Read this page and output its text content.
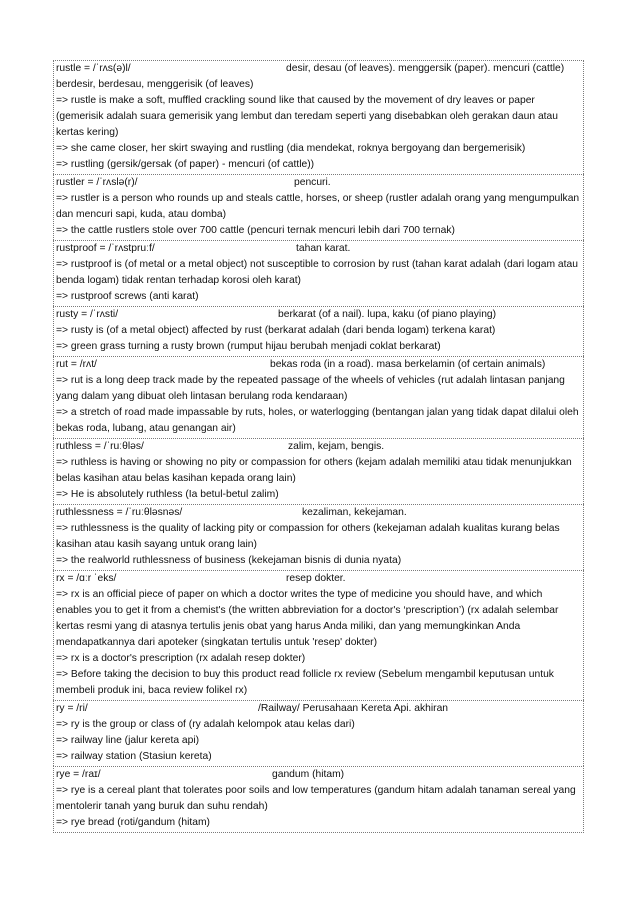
rustle = /ˈrʌs(ə)l/	desir, desau (of leaves). menggersik (paper). mencuri (cattle)
berdesir, berdesau, menggerisik (of leaves)
=> rustle is make a soft, muffled crackling sound like that caused by the movement of dry leaves or paper (gemerisik adalah suara gemerisik yang lembut dan teredam seperti yang disebabkan oleh gerakan daun atau kertas kering)
=> she came closer, her skirt swaying and rustling (dia mendekat, roknya bergoyang dan bergemerisik)
=> rustling (gersik/gersak (of paper) - mencuri (of cattle))
rustler = /ˈrʌslə(r)/	pencuri.
=> rustler is a person who rounds up and steals cattle, horses, or sheep (rustler adalah orang yang mengumpulkan dan mencuri sapi, kuda, atau domba)
=> the cattle rustlers stole over 700 cattle (pencuri ternak mencuri lebih dari 700 ternak)
rustproof = /ˈrʌstpruːf/	tahan karat.
=> rustproof is (of metal or a metal object) not susceptible to corrosion by rust (tahan karat adalah (dari logam atau benda logam) tidak rentan terhadap korosi oleh karat)
=> rustproof screws (anti karat)
rusty = /ˈrʌsti/	berkarat (of a nail). lupa, kaku (of piano playing)
=> rusty is (of a metal object) affected by rust (berkarat adalah (dari benda logam) terkena karat)
=> green grass turning a rusty brown (rumput hijau berubah menjadi coklat berkarat)
rut = /rʌt/	bekas roda (in a road). masa berkelamin (of certain animals)
=> rut is a long deep track made by the repeated passage of the wheels of vehicles (rut adalah lintasan panjang yang dalam yang dibuat oleh lintasan berulang roda kendaraan)
=> a stretch of road made impassable by ruts, holes, or waterlogging (bentangan jalan yang tidak dapat dilalui oleh bekas roda, lubang, atau genangan air)
ruthless = /ˈruːθləs/	zalim, kejam, bengis.
=> ruthless is having or showing no pity or compassion for others (kejam adalah memiliki atau tidak menunjukkan belas kasihan atau belas kasihan kepada orang lain)
=> He is absolutely ruthless (Ia betul-betul zalim)
ruthlessness = /ˈruːθləsnəs/	kezaliman, kekejaman.
=> ruthlessness is the quality of lacking pity or compassion for others (kekejaman adalah kualitas kurang belas kasihan atau kasih sayang untuk orang lain)
=> the realworld ruthlessness of business (kekejaman bisnis di dunia nyata)
rx = /ɑːr ˈeks/	resep dokter.
=> rx is an official piece of paper on which a doctor writes the type of medicine you should have, and which enables you to get it from a chemist's (the written abbreviation for a doctor's ‘prescription’) (rx adalah selembar kertas resmi yang di atasnya tertulis jenis obat yang harus Anda miliki, dan yang memungkinkan Anda mendapatkannya dari apoteker (singkatan tertulis untuk 'resep' dokter)
=> rx is a doctor's prescription (rx adalah resep dokter)
=> Before taking the decision to buy this product read follicle rx review (Sebelum mengambil keputusan untuk membeli produk ini, baca review folikel rx)
ry = /ri/	/Railway/ Perusahaan Kereta Api. akhiran
=> ry is the group or class of (ry adalah kelompok atau kelas dari)
=> railway line (jalur kereta api)
=> railway station (Stasiun kereta)
rye = /raɪ/	gandum (hitam)
=> rye is a cereal plant that tolerates poor soils and low temperatures (gandum hitam adalah tanaman sereal yang mentolerir tanah yang buruk dan suhu rendah)
=> rye bread (roti/gandum (hitam)
